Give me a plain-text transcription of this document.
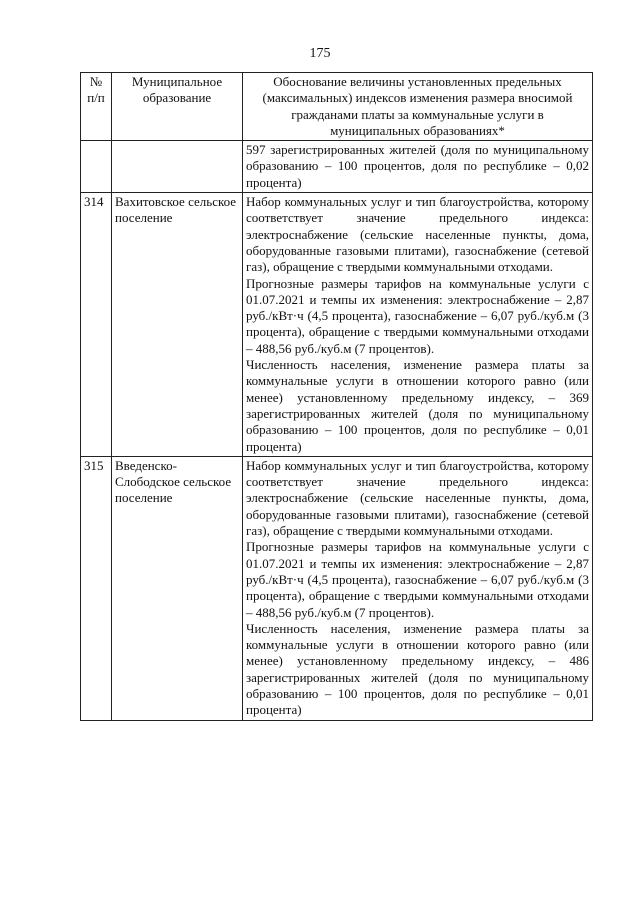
175
№ п/п	Муниципальное образование	Обоснование величины установленных предельных (максимальных) индексов изменения размера вносимой гражданами платы за коммунальные услуги в муниципальных образованиях*

		597 зарегистрированных жителей (доля по муниципальному образованию – 100 процентов, доля по республике – 0,02 процента)

314	Вахитовское сельское поселение	Набор коммунальных услуг и тип благоустройства, которому соответствует значение предельного индекса: электроснабжение (сельские населенные пункты, дома, оборудованные газовыми плитами), газоснабжение (сетевой газ), обращение с твердыми коммунальными отходами.

Прогнозные размеры тарифов на коммунальные услуги с 01.07.2021 и темпы их изменения: электроснабжение – 2,87 руб./кВт·ч (4,5 процента), газоснабжение – 6,07 руб./куб.м (3 процента), обращение с твердыми коммунальными отходами – 488,56 руб./куб.м (7 процентов).

Численность населения, изменение размера платы за коммунальные услуги в отношении которого равно (или менее) установленному предельному индексу, – 369 зарегистрированных жителей (доля по муниципальному образованию – 100 процентов, доля по республике – 0,01 процента)

315	Введенско-Слободское сельское поселение	Набор коммунальных услуг и тип благоустройства, которому соответствует значение предельного индекса: электроснабжение (сельские населенные пункты, дома, оборудованные газовыми плитами), газоснабжение (сетевой газ), обращение с твердыми коммунальными отходами.

Прогнозные размеры тарифов на коммунальные услуги с 01.07.2021 и темпы их изменения: электроснабжение – 2,87 руб./кВт·ч (4,5 процента), газоснабжение – 6,07 руб./куб.м (3 процента), обращение с твердыми коммунальными отходами – 488,56 руб./куб.м (7 процентов).

Численность населения, изменение размера платы за коммунальные услуги в отношении которого равно (или менее) установленному предельному индексу, – 486 зарегистрированных жителей (доля по муниципальному образованию – 100 процентов, доля по республике – 0,01 процента)
